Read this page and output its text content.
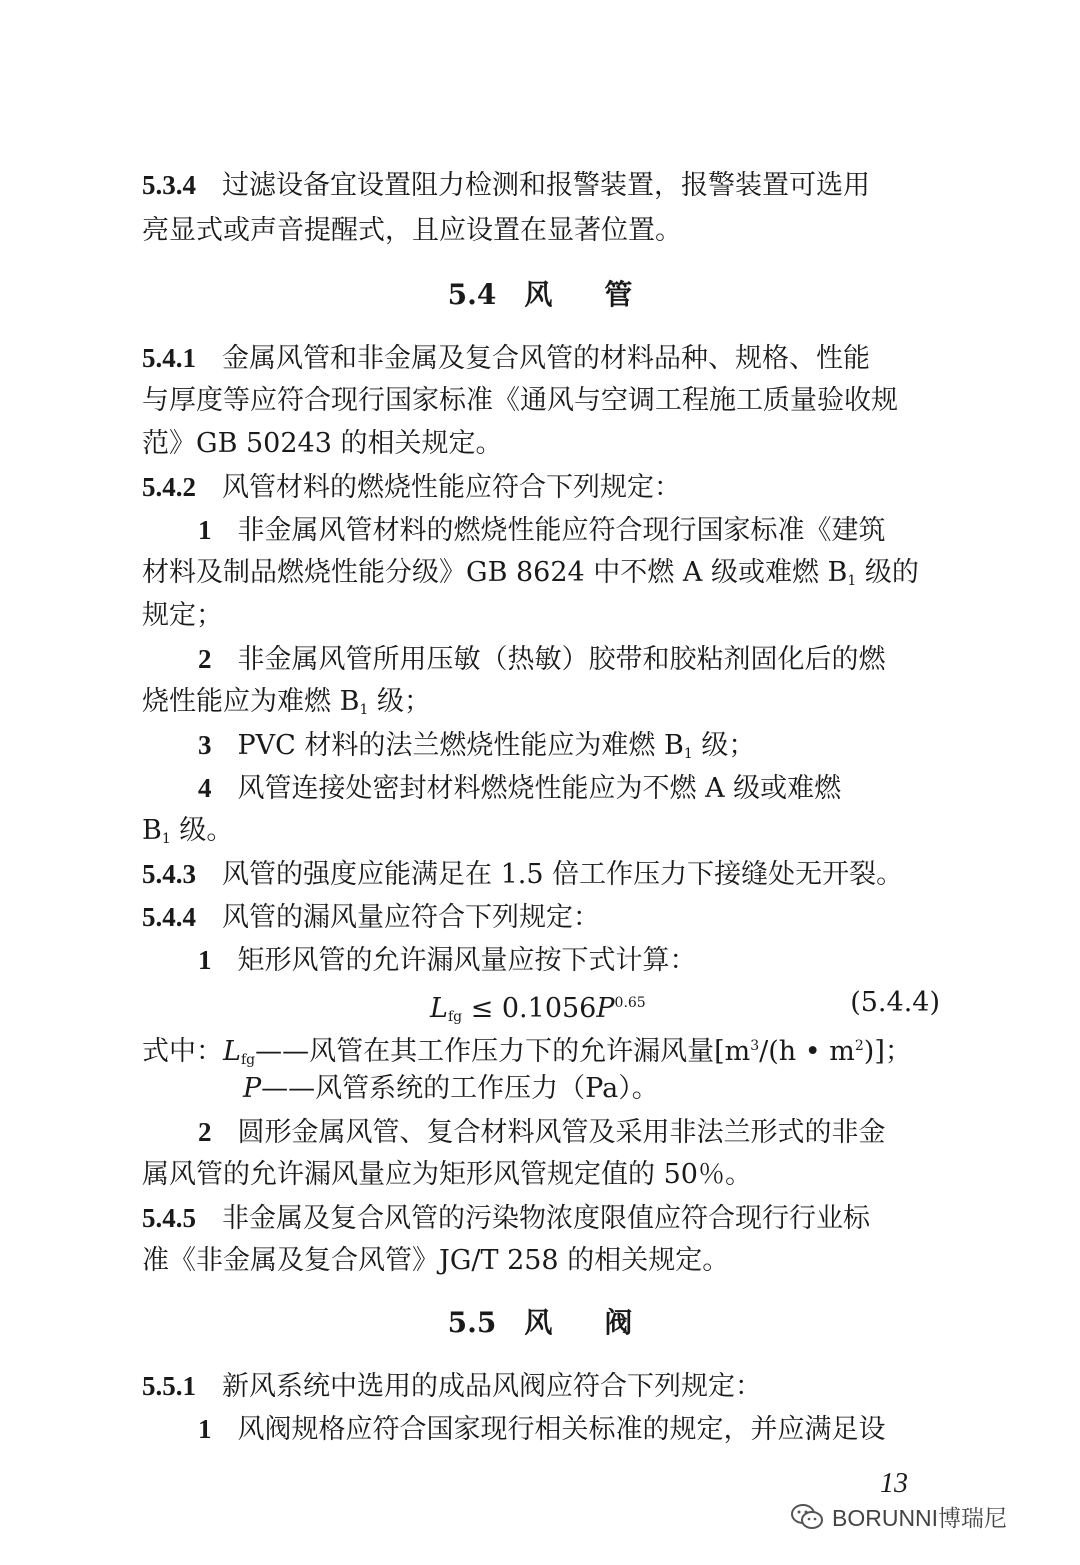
5.3.4 过滤设备宜设置阻力检测和报警装置，报警装置可选用
亮显式或声音提醒式，且应设置在显著位置。
5.4 风 管
5.4.1 金属风管和非金属及复合风管的材料品种、规格、性能
与厚度等应符合现行国家标准《通风与空调工程施工质量验收规
范》GB 50243 的相关规定。
5.4.2 风管材料的燃烧性能应符合下列规定：
1 非金属风管材料的燃烧性能应符合现行国家标准《建筑
材料及制品燃烧性能分级》GB 8624 中不燃 A 级或难燃 $B_1$ 级的
规定；
2 非金属风管所用压敏（热敏）胶带和胶粘剂固化后的燃
烧性能应为难燃 $B_1$ 级；
3 PVC 材料的法兰燃烧性能应为难燃 $B_1$ 级；
4 风管连接处密封材料燃烧性能应为不燃 A 级或难燃
$B_1$ 级。
5.4.3 风管的强度应能满足在 1.5 倍工作压力下接缝处无开裂。
5.4.4 风管的漏风量应符合下列规定：
1 矩形风管的允许漏风量应按下式计算：
$L_{fg} \le 0.1056P^{0.65}$	(5.4.4)
式中：$L_{fg}——$风管在其工作压力下的允许漏风量[$m^3/(h$ • $m^2$)]；
P——风管系统的工作压力（Pa）。
2 圆形金属风管、复合材料风管及采用非法兰形式的非金
属风管的允许漏风量应为矩形风管规定值的 50％。
5.4.5 非金属及复合风管的污染物浓度限值应符合现行行业标
准《非金属及复合风管》JG/T 258 的相关规定。
5.5 风 阀
5.5.1 新风系统中选用的成品风阀应符合下列规定：
1 风阀规格应符合国家现行相关标准的规定，并应满足设
13
BORUNNI博瑞尼
